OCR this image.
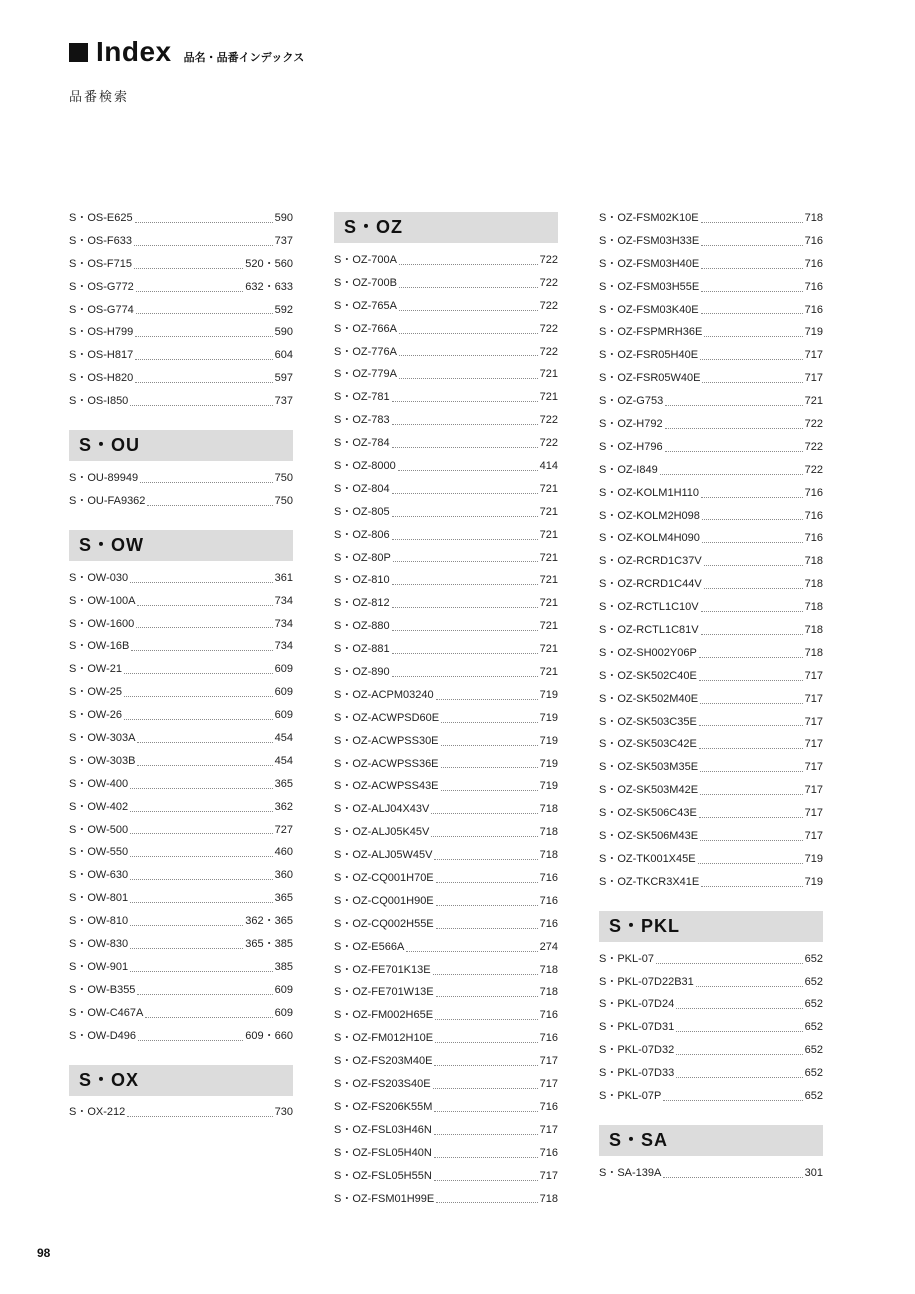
Index 品名・品番インデックス
品番検索
S・OS-E625	590
S・OS-F633	737
S・OS-F715	520・560
S・OS-G772	632・633
S・OS-G774	592
S・OS-H799	590
S・OS-H817	604
S・OS-H820	597
S・OS-I850	737
S・OU
S・OU-89949	750
S・OU-FA9362	750
S・OW
S・OW-030	361
S・OW-100A	734
S・OW-1600	734
S・OW-16B	734
S・OW-21	609
S・OW-25	609
S・OW-26	609
S・OW-303A	454
S・OW-303B	454
S・OW-400	365
S・OW-402	362
S・OW-500	727
S・OW-550	460
S・OW-630	360
S・OW-801	365
S・OW-810	362・365
S・OW-830	365・385
S・OW-901	385
S・OW-B355	609
S・OW-C467A	609
S・OW-D496	609・660
S・OX
S・OX-212	730
S・OZ
S・OZ-700A	722
S・OZ-700B	722
S・OZ-765A	722
S・OZ-766A	722
S・OZ-776A	722
S・OZ-779A	721
S・OZ-781	721
S・OZ-783	722
S・OZ-784	722
S・OZ-8000	414
S・OZ-804	721
S・OZ-805	721
S・OZ-806	721
S・OZ-80P	721
S・OZ-810	721
S・OZ-812	721
S・OZ-880	721
S・OZ-881	721
S・OZ-890	721
S・OZ-ACPM03240	719
S・OZ-ACWPSD60E	719
S・OZ-ACWPSS30E	719
S・OZ-ACWPSS36E	719
S・OZ-ACWPSS43E	719
S・OZ-ALJ04X43V	718
S・OZ-ALJ05K45V	718
S・OZ-ALJ05W45V	718
S・OZ-CQ001H70E	716
S・OZ-CQ001H90E	716
S・OZ-CQ002H55E	716
S・OZ-E566A	274
S・OZ-FE701K13E	718
S・OZ-FE701W13E	718
S・OZ-FM002H65E	716
S・OZ-FM012H10E	716
S・OZ-FS203M40E	717
S・OZ-FS203S40E	717
S・OZ-FS206K55M	716
S・OZ-FSL03H46N	717
S・OZ-FSL05H40N	716
S・OZ-FSL05H55N	717
S・OZ-FSM01H99E	718
S・OZ-FSM02K10E	718
S・OZ-FSM03H33E	716
S・OZ-FSM03H40E	716
S・OZ-FSM03H55E	716
S・OZ-FSM03K40E	716
S・OZ-FSPMRH36E	719
S・OZ-FSR05H40E	717
S・OZ-FSR05W40E	717
S・OZ-G753	721
S・OZ-H792	722
S・OZ-H796	722
S・OZ-I849	722
S・OZ-KOLM1H110	716
S・OZ-KOLM2H098	716
S・OZ-KOLM4H090	716
S・OZ-RCRD1C37V	718
S・OZ-RCRD1C44V	718
S・OZ-RCTL1C10V	718
S・OZ-RCTL1C81V	718
S・OZ-SH002Y06P	718
S・OZ-SK502C40E	717
S・OZ-SK502M40E	717
S・OZ-SK503C35E	717
S・OZ-SK503C42E	717
S・OZ-SK503M35E	717
S・OZ-SK503M42E	717
S・OZ-SK506C43E	717
S・OZ-SK506M43E	717
S・OZ-TK001X45E	719
S・OZ-TKCR3X41E	719
S・PKL
S・PKL-07	652
S・PKL-07D22B31	652
S・PKL-07D24	652
S・PKL-07D31	652
S・PKL-07D32	652
S・PKL-07D33	652
S・PKL-07P	652
S・SA
S・SA-139A	301
98
